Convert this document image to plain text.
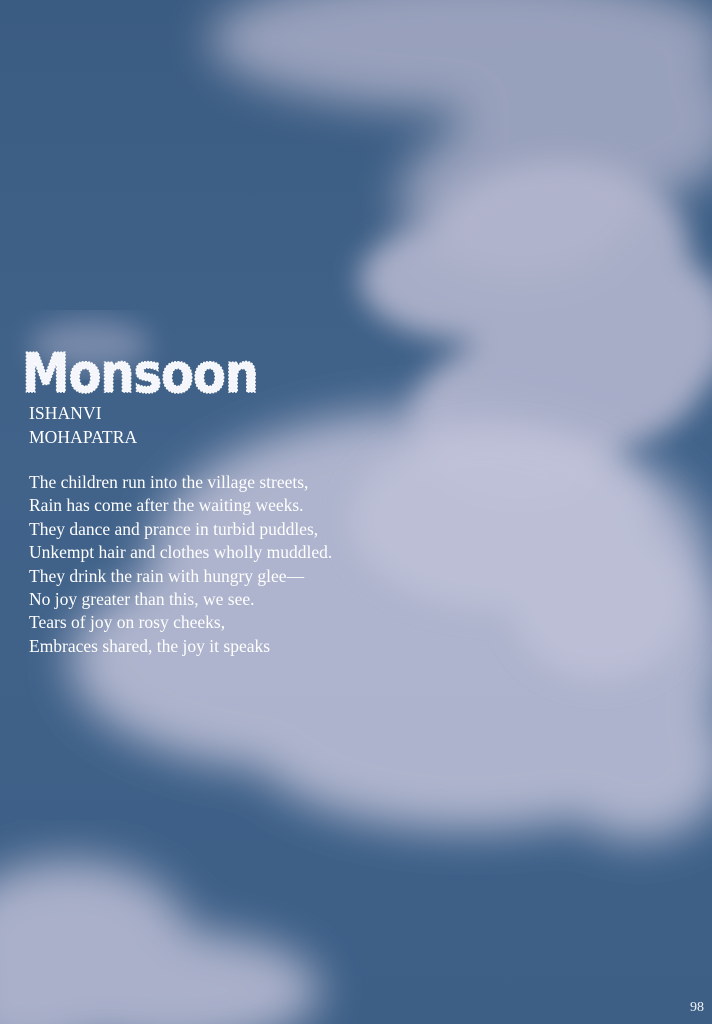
Monsoon
ISHANVI
MOHAPATRA
The children run into the village streets,
Rain has come after the waiting weeks.
They dance and prance in turbid puddles,
Unkempt hair and clothes wholly muddled.
They drink the rain with hungry glee—
No joy greater than this, we see.
Tears of joy on rosy cheeks,
Embraces shared, the joy it speaks
98
